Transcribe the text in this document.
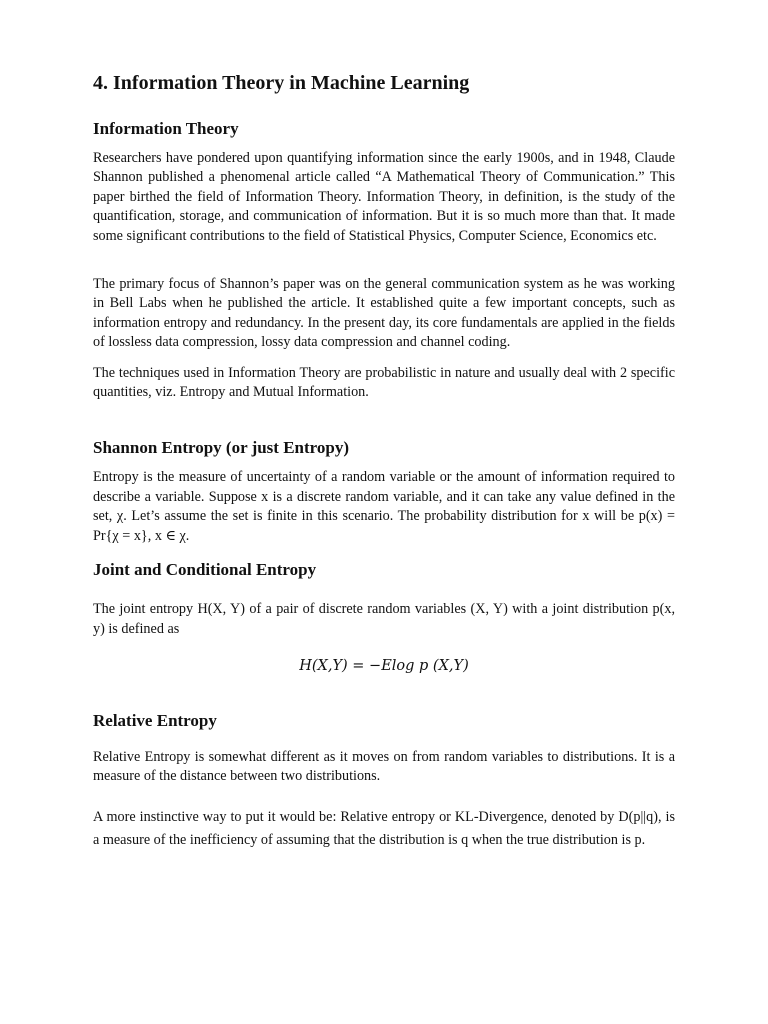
4. Information Theory in Machine Learning
Information Theory

Researchers have pondered upon quantifying information since the early 1900s, and in 1948, Claude Shannon published a phenomenal article called “A Mathematical Theory of Communication.” This paper birthed the field of Information Theory. Information Theory, in definition, is the study of the quantification, storage, and communication of information. But it is so much more than that. It made some significant contributions to the field of Statistical Physics, Computer Science, Economics etc.

The primary focus of Shannon’s paper was on the general communication system as he was working in Bell Labs when he published the article. It established quite a few important concepts, such as information entropy and redundancy. In the present day, its core fundamentals are applied in the fields of lossless data compression, lossy data compression and channel coding.

The techniques used in Information Theory are probabilistic in nature and usually deal with 2 specific quantities, viz. Entropy and Mutual Information.

Shannon Entropy (or just Entropy)

Entropy is the measure of uncertainty of a random variable or the amount of information required to describe a variable. Suppose x is a discrete random variable, and it can take any value defined in the set, χ. Let’s assume the set is finite in this scenario. The probability distribution for x will be p(x) = Pr{χ = x}, x ∈ χ.

Joint and Conditional Entropy

The joint entropy H(X, Y) of a pair of discrete random variables (X, Y) with a joint distribution p(x, y) is defined as

H(X,Y) = −Elog p (X,Y)

Relative Entropy

Relative Entropy is somewhat different as it moves on from random variables to distributions. It is a measure of the distance between two distributions.

A more instinctive way to put it would be: Relative entropy or KL-Divergence, denoted by D(p||q), is a measure of the inefficiency of assuming that the distribution is q when the true distribution is p.
